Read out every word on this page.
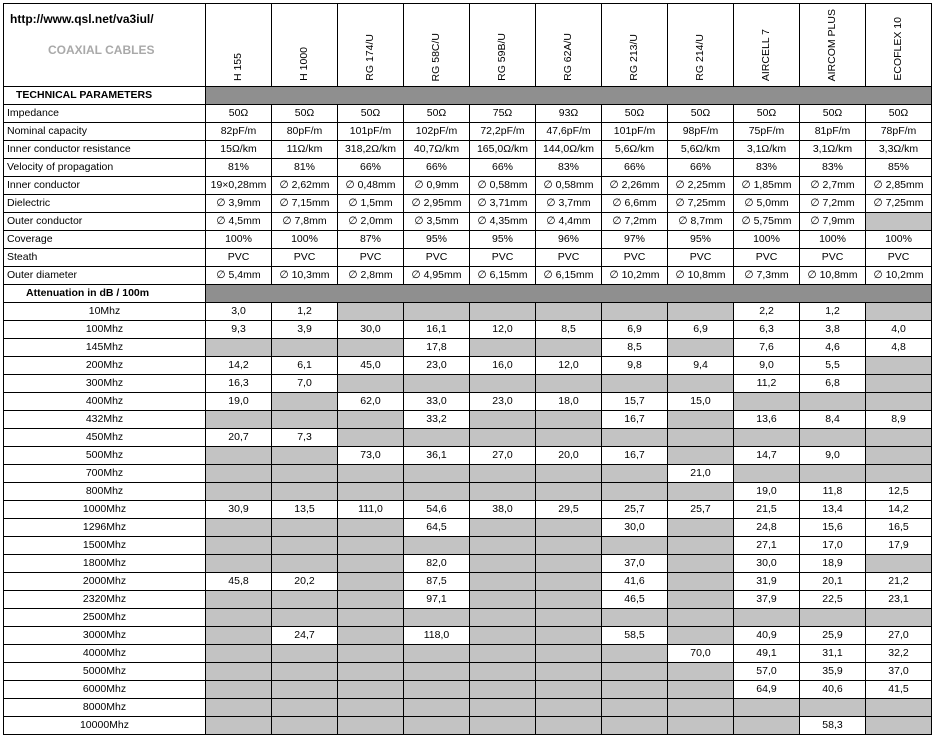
http://www.qsl.net/va3iul/
COAXIAL CABLES	H 155	H 1000	RG 174/U	RG 58C/U	RG 59B/U	RG 62A/U	RG 213/U	RG 214/U	AIRCELL 7	AIRCOM PLUS	ECOFLEX 10
TECHNICAL PARAMETERS											
Impedance	50Ω	50Ω	50Ω	50Ω	75Ω	93Ω	50Ω	50Ω	50Ω	50Ω	50Ω
Nominal capacity	82pF/m	80pF/m	101pF/m	102pF/m	72,2pF/m	47,6pF/m	101pF/m	98pF/m	75pF/m	81pF/m	78pF/m
Inner conductor resistance	15Ω/km	11Ω/km	318,2Ω/km	40,7Ω/km	165,0Ω/km	144,0Ω/km	5,6Ω/km	5,6Ω/km	3,1Ω/km	3,1Ω/km	3,3Ω/km
Velocity of propagation	81%	81%	66%	66%	66%	83%	66%	66%	83%	83%	85%
Inner conductor	19×0,28mm	∅ 2,62mm	∅ 0,48mm	∅ 0,9mm	∅ 0,58mm	∅ 0,58mm	∅ 2,26mm	∅ 2,25mm	∅ 1,85mm	∅ 2,7mm	∅ 2,85mm
Dielectric	∅ 3,9mm	∅ 7,15mm	∅ 1,5mm	∅ 2,95mm	∅ 3,71mm	∅ 3,7mm	∅ 6,6mm	∅ 7,25mm	∅ 5,0mm	∅ 7,2mm	∅ 7,25mm
Outer conductor	∅ 4,5mm	∅ 7,8mm	∅ 2,0mm	∅ 3,5mm	∅ 4,35mm	∅ 4,4mm	∅ 7,2mm	∅ 8,7mm	∅ 5,75mm	∅ 7,9mm	
Coverage	100%	100%	87%	95%	95%	96%	97%	95%	100%	100%	100%
Steath	PVC	PVC	PVC	PVC	PVC	PVC	PVC	PVC	PVC	PVC	PVC
Outer diameter	∅ 5,4mm	∅ 10,3mm	∅ 2,8mm	∅ 4,95mm	∅ 6,15mm	∅ 6,15mm	∅ 10,2mm	∅ 10,8mm	∅ 7,3mm	∅ 10,8mm	∅ 10,2mm
Attenuation in dB / 100m											
10Mhz	3,0	1,2							2,2	1,2	
100Mhz	9,3	3,9	30,0	16,1	12,0	8,5	6,9	6,9	6,3	3,8	4,0
145Mhz				17,8			8,5		7,6	4,6	4,8
200Mhz	14,2	6,1	45,0	23,0	16,0	12,0	9,8	9,4	9,0	5,5	
300Mhz	16,3	7,0							11,2	6,8	
400Mhz	19,0		62,0	33,0	23,0	18,0	15,7	15,0			
432Mhz				33,2			16,7		13,6	8,4	8,9
450Mhz	20,7	7,3									
500Mhz			73,0	36,1	27,0	20,0	16,7		14,7	9,0	
700Mhz								21,0			
800Mhz									19,0	11,8	12,5
1000Mhz	30,9	13,5	111,0	54,6	38,0	29,5	25,7	25,7	21,5	13,4	14,2
1296Mhz				64,5			30,0		24,8	15,6	16,5
1500Mhz									27,1	17,0	17,9
1800Mhz				82,0			37,0		30,0	18,9	
2000Mhz	45,8	20,2		87,5			41,6		31,9	20,1	21,2
2320Mhz				97,1			46,5		37,9	22,5	23,1
2500Mhz											
3000Mhz		24,7		118,0			58,5		40,9	25,9	27,0
4000Mhz								70,0	49,1	31,1	32,2
5000Mhz									57,0	35,9	37,0
6000Mhz									64,9	40,6	41,5
8000Mhz											
10000Mhz										58,3	
